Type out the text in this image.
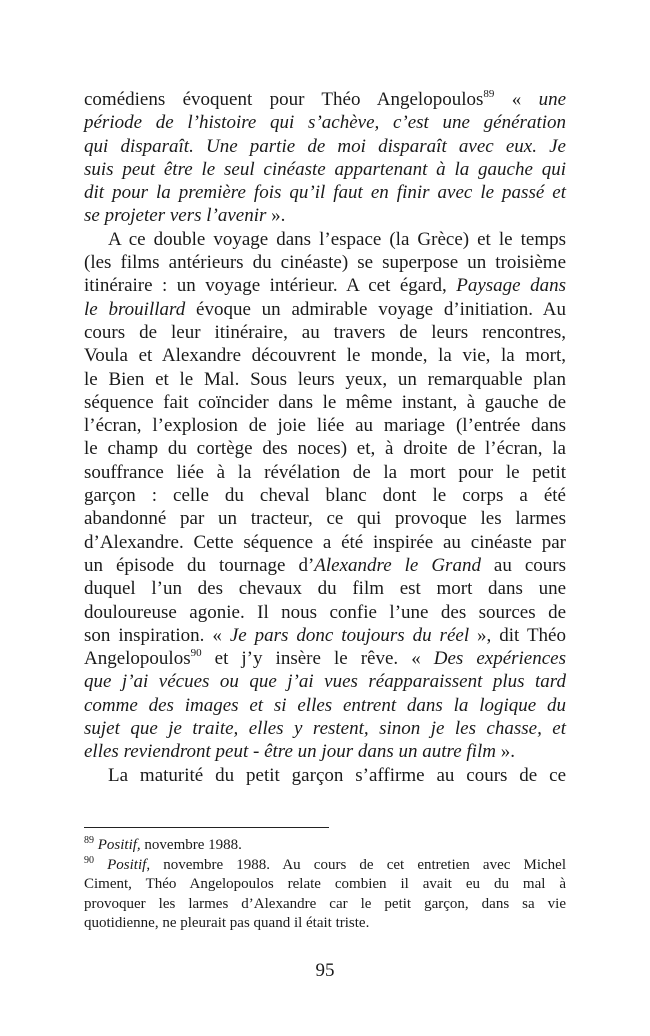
comédiens évoquent pour Théo Angelopoulos$^{89}$ « une
période de l’histoire qui s’achève, c’est une génération
qui disparaît. Une partie de moi disparaît avec eux. Je
suis peut être le seul cinéaste appartenant à la gauche qui
dit pour la première fois qu’il faut en finir avec le passé et
se projeter vers l’avenir ».
A ce double voyage dans l’espace (la Grèce) et le temps
(les films antérieurs du cinéaste) se superpose un troisième
itinéraire : un voyage intérieur. A cet égard, Paysage dans
le brouillard évoque un admirable voyage d’initiation. Au
cours de leur itinéraire, au travers de leurs rencontres,
Voula et Alexandre découvrent le monde, la vie, la mort,
le Bien et le Mal. Sous leurs yeux, un remarquable plan
séquence fait coïncider dans le même instant, à gauche de
l’écran, l’explosion de joie liée au mariage (l’entrée dans
le champ du cortège des noces) et, à droite de l’écran, la
souffrance liée à la révélation de la mort pour le petit
garçon : celle du cheval blanc dont le corps a été
abandonné par un tracteur, ce qui provoque les larmes
d’Alexandre. Cette séquence a été inspirée au cinéaste par
un épisode du tournage d’Alexandre le Grand au cours
duquel l’un des chevaux du film est mort dans une
douloureuse agonie. Il nous confie l’une des sources de
son inspiration. « Je pars donc toujours du réel », dit Théo
Angelopoulos$^{90}$ et j’y insère le rêve. « Des expériences
que j’ai vécues ou que j’ai vues réapparaissent plus tard
comme des images et si elles entrent dans la logique du
sujet que je traite, elles y restent, sinon je les chasse, et
elles reviendront peut - être un jour dans un autre film ».
La maturité du petit garçon s’affirme au cours de ce
$^{89}$ Positif, novembre 1988.
$^{90}$ Positif, novembre 1988. Au cours de cet entretien avec Michel
Ciment, Théo Angelopoulos relate combien il avait eu du mal à
provoquer les larmes d’Alexandre car le petit garçon, dans sa vie
quotidienne, ne pleurait pas quand il était triste.
95
